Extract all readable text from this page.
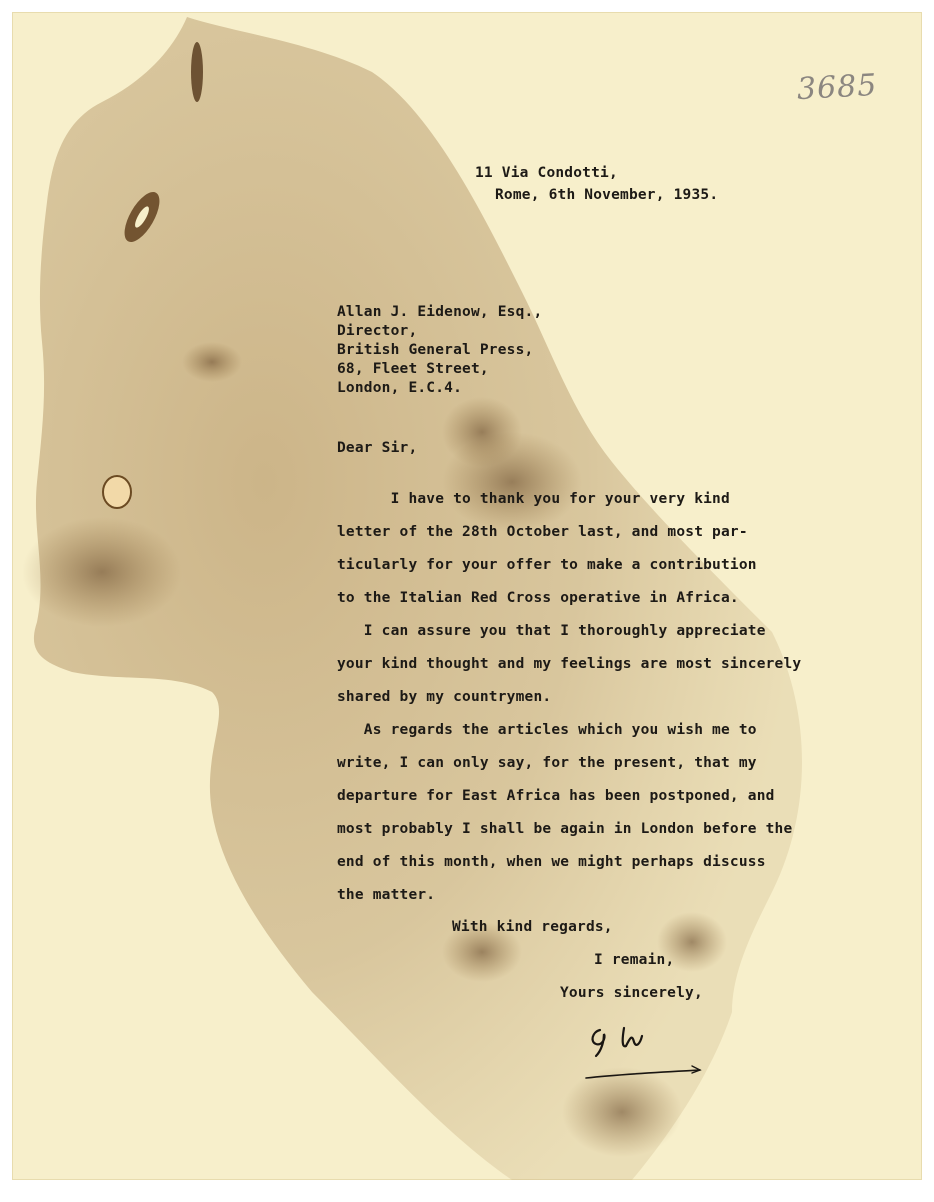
3685
11 Via Condotti,
Rome, 6th November, 1935.
Allan J. Eidenow, Esq.,
Director,
British General Press,
68, Fleet Street,
London, E.C.4.
Dear Sir,
I have to thank you for your very kind
letter of the 28th October last, and most par-
ticularly for your offer to make a contribution
to the Italian Red Cross operative in Africa.
I can assure you that I thoroughly appreciate
your kind thought and my feelings are most sincerely
shared by my countrymen.
As regards the articles which you wish me to
write, I can only say, for the present, that my
departure for East Africa has been postponed, and
most probably I shall be again in London before the
end of this month, when we might perhaps discuss
the matter.
With kind regards,
I remain,
Yours sincerely,
